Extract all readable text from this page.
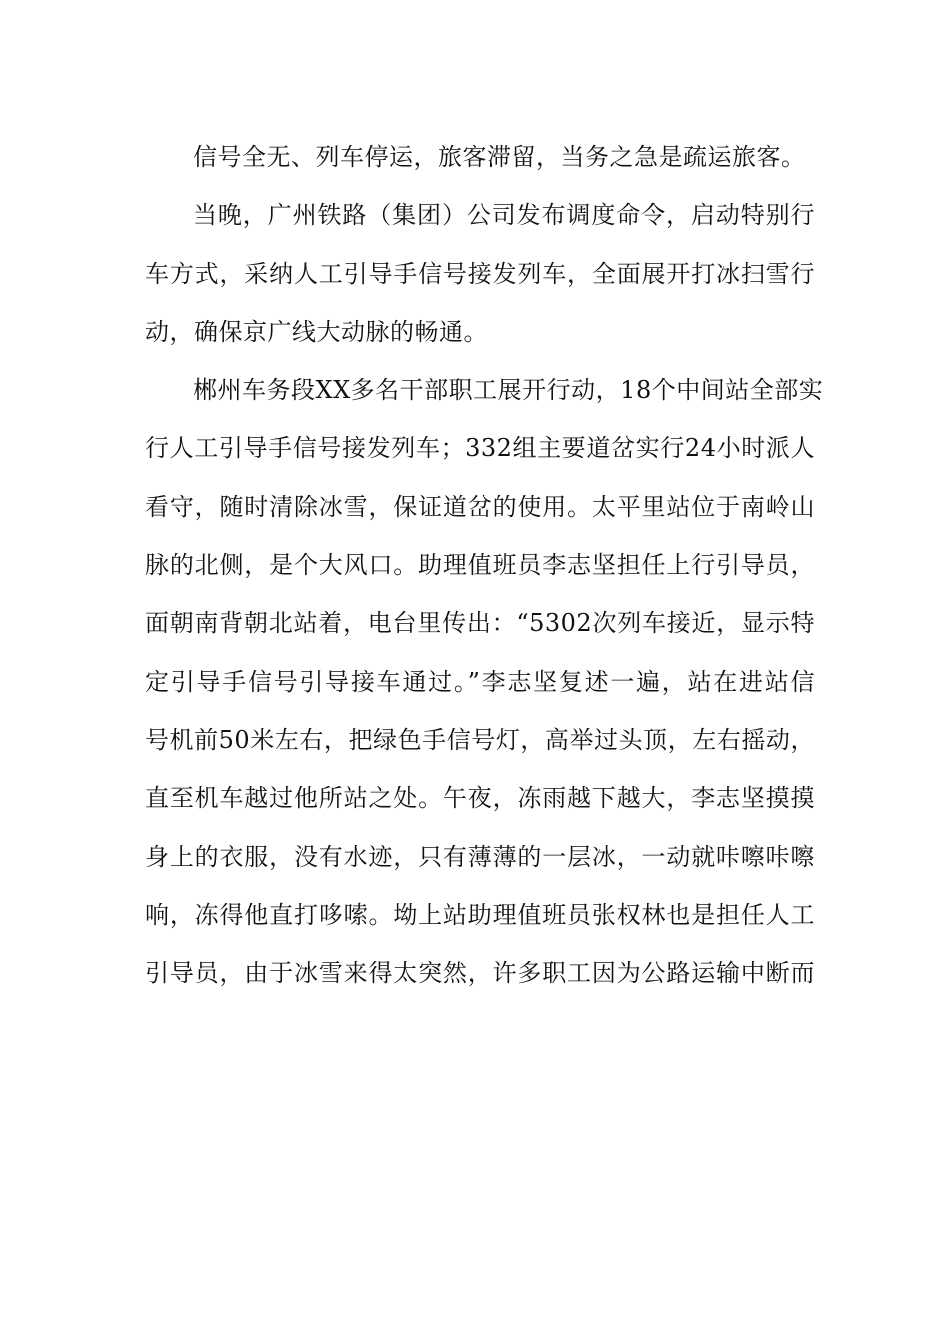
信号全无、列车停运，旅客滞留，当务之急是疏运旅客。
当晚，广州铁路（集团）公司发布调度命令，启动特别行
车方式，采纳人工引导手信号接发列车，全面展开打冰扫雪行
动，确保京广线大动脉的畅通。
郴州车务段XX多名干部职工展开行动，18个中间站全部实
行人工引导手信号接发列车；332组主要道岔实行24小时派人
看守，随时清除冰雪，保证道岔的使用。太平里站位于南岭山
脉的北侧，是个大风口。助理值班员李志坚担任上行引导员，
面朝南背朝北站着，电台里传出：“5302次列车接近，显示特
定引导手信号引导接车通过。”李志坚复述一遍，站在进站信
号机前50米左右，把绿色手信号灯，高举过头顶，左右摇动，
直至机车越过他所站之处。午夜，冻雨越下越大，李志坚摸摸
身上的衣服，没有水迹，只有薄薄的一层冰，一动就咔嚓咔嚓
响，冻得他直打哆嗦。坳上站助理值班员张权林也是担任人工
引导员，由于冰雪来得太突然，许多职工因为公路运输中断而
